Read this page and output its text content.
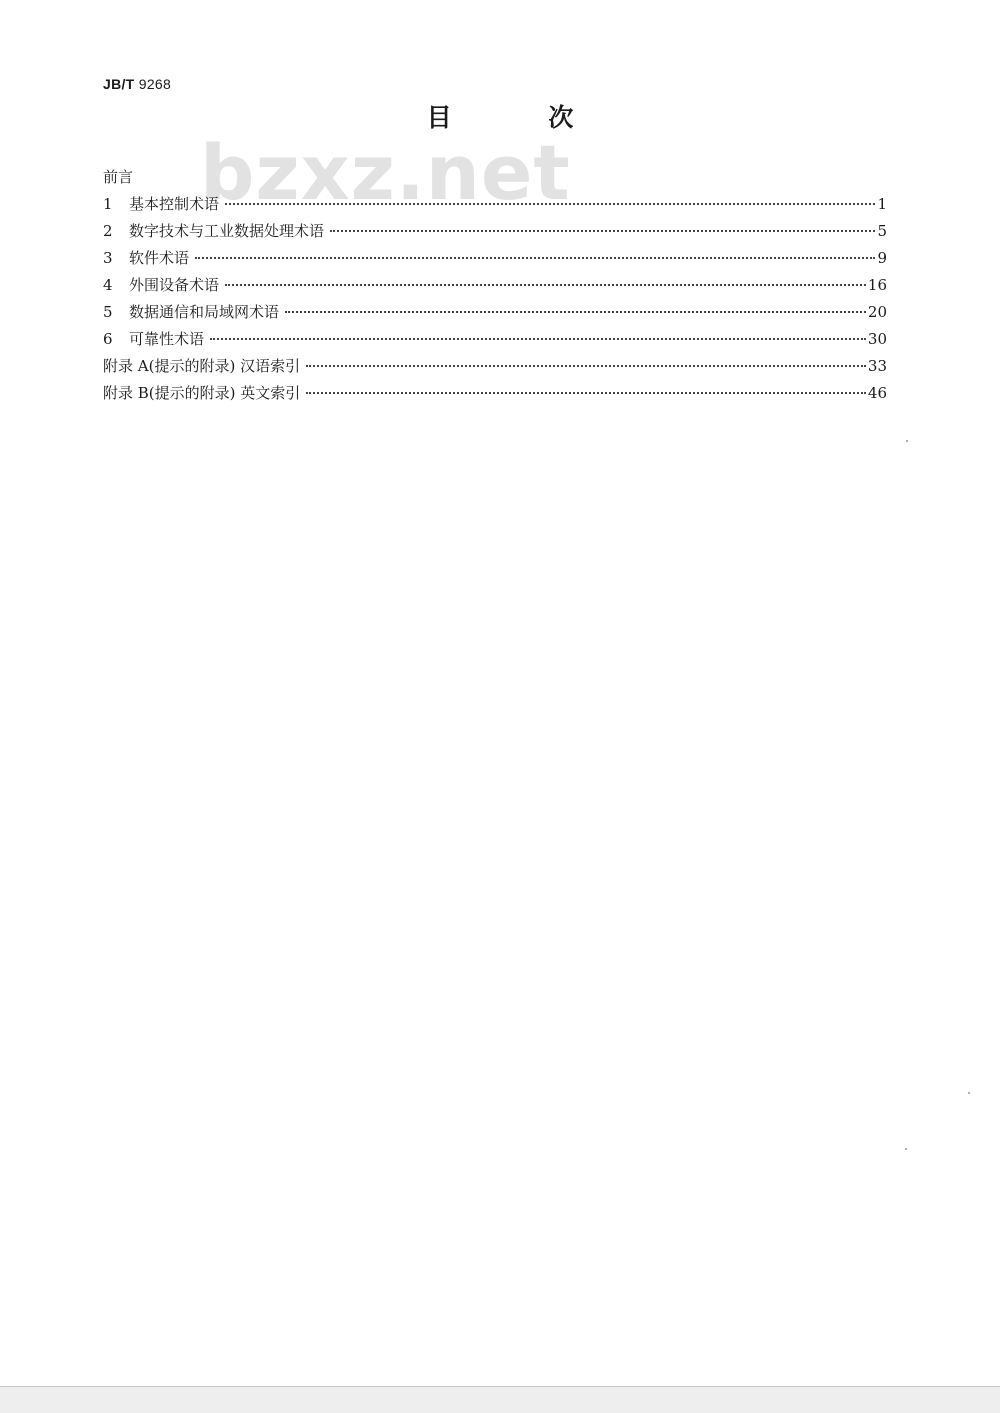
JB/T 9268
目 次
bzxz.net
前言
1 基本控制术语	1
2 数字技术与工业数据处理术语	5
3 软件术语	9
4 外围设备术语	16
5 数据通信和局域网术语	20
6 可靠性术语	30
附录 A(提示的附录) 汉语索引	33
附录 B(提示的附录) 英文索引	46
